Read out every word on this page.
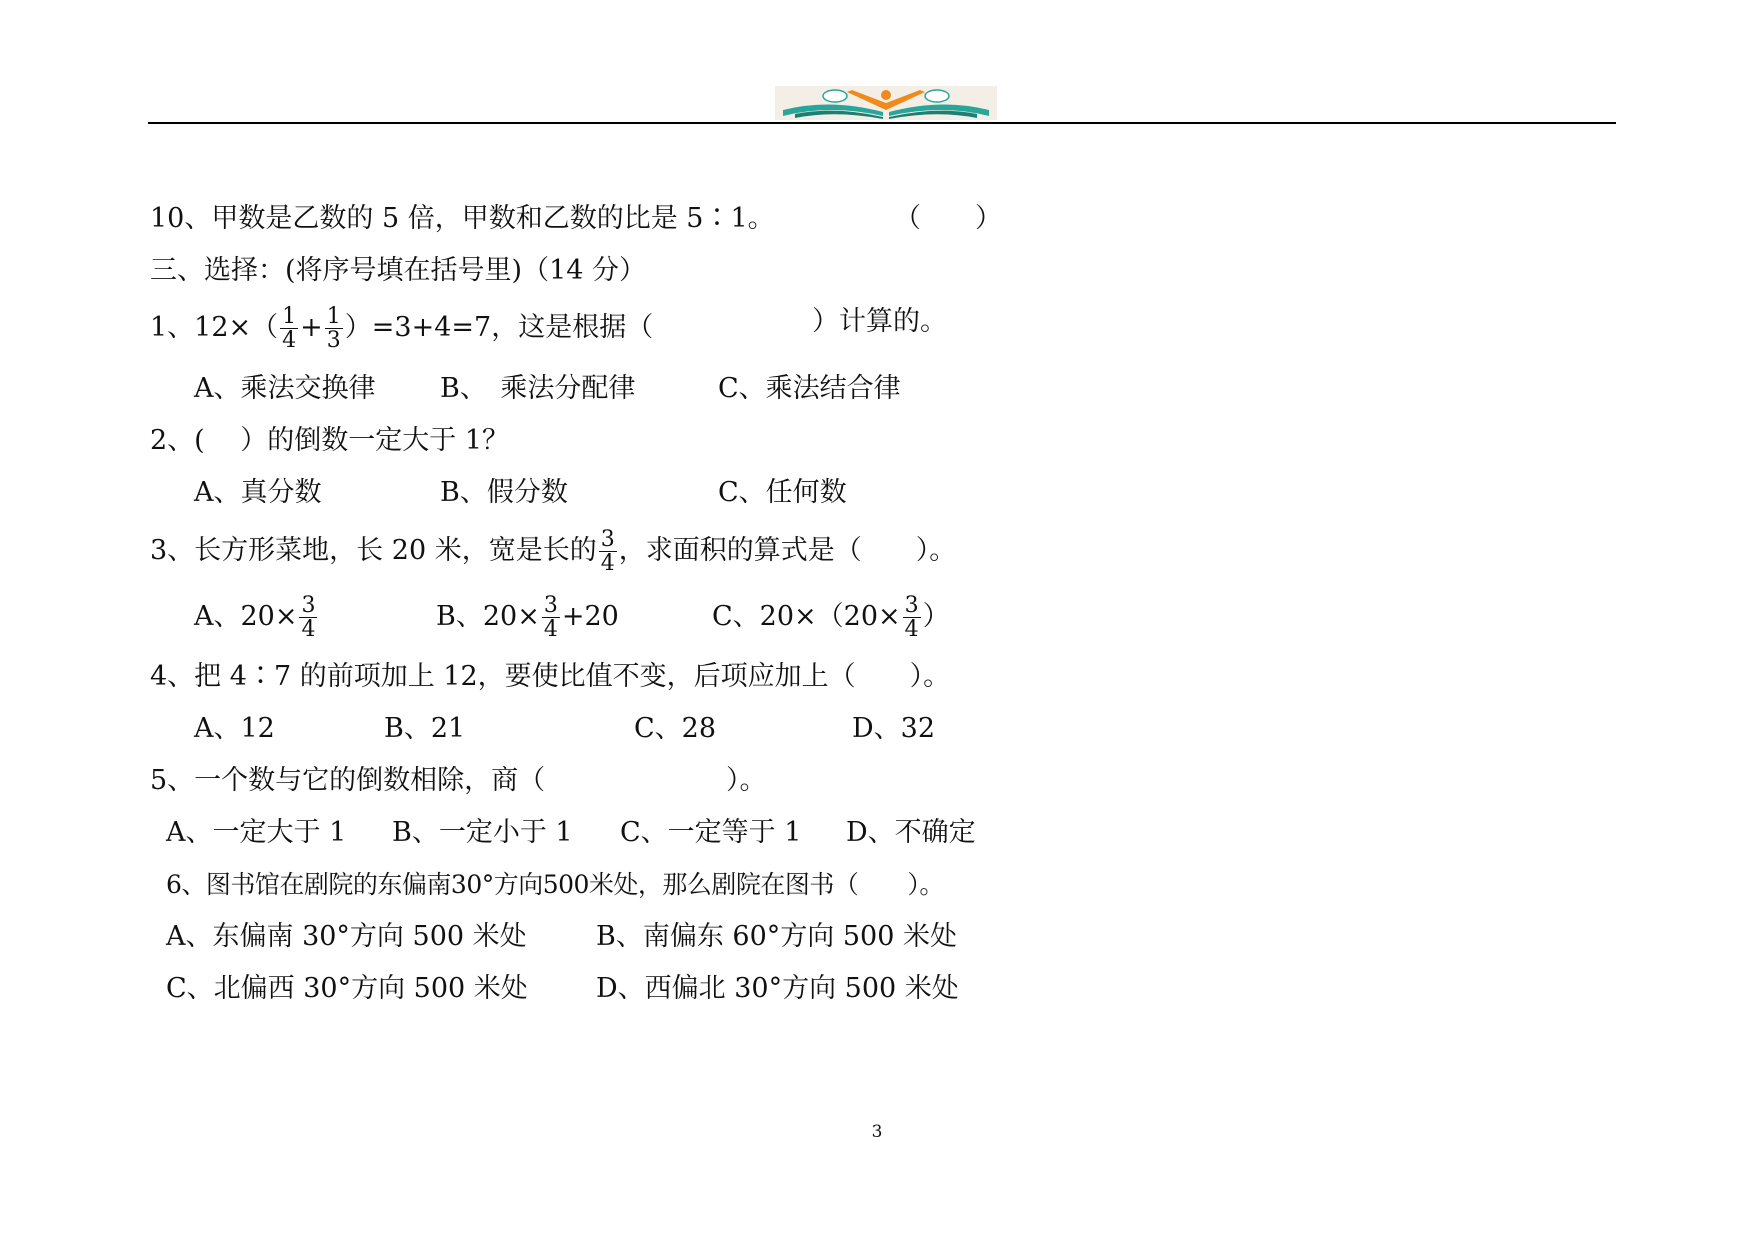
10、甲数是乙数的 5 倍，甲数和乙数的比是 5∶1。	（　　）
三、选择：(将序号填在括号里)（14 分）
1、$12\times( \frac{1}{4} + \frac{1}{3} )=3+4=7$，这是根据（	）计算的。
A、乘法交换律 B、　乘法分配律	C、乘法结合律
2、(　 ）的倒数一定大于 1？
A、真分数	B、假分数	C、任何数
3、长方形菜地，长 20 米，宽是长的 $\frac{3}{4}$ ，求面积的算式是（　　）。
A、$20\times \frac{3}{4}$	B、$20\times \frac{3}{4} +20$	C、$20\times(20\times \frac{3}{4}$ ）
4、把 4∶7 的前项加上 12，要使比值不变，后项应加上（　　）。
A、12	B、21	C、28	D、32
5、一个数与它的倒数相除，商（	）。
A、一定大于 1 B、一定小于 1 C、一定等于 1 D、不确定
6、图书馆在剧院的东偏南30°方向500米处，那么剧院在图书（　　）。
A、东偏南 30°方向 500 米处	B、南偏东 60°方向 500 米处
C、北偏西 30°方向 500 米处	D、西偏北 30°方向 500 米处
3
